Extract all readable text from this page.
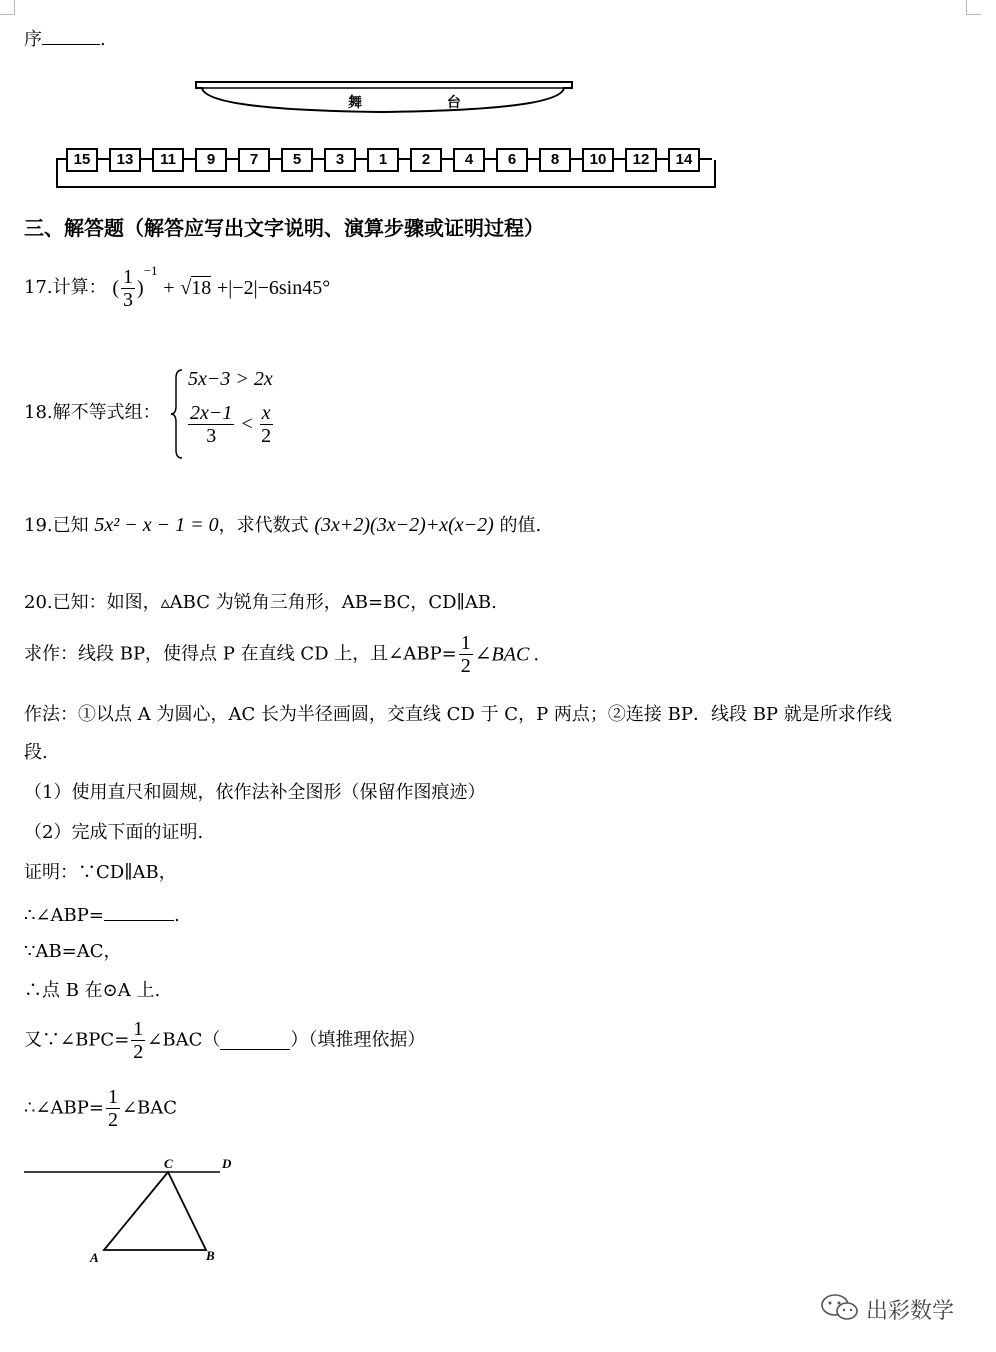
序	.
舞 台
15	13	11	9	7	5	3	1	2	4	6	8	10	12	14
三、解答题（解答应写出文字说明、演算步骤或证明过程）
17.计算： ( $\frac{1}{3} )^{-1} + √18 +|-2|-6\sin 45^\circ$
18.解不等式组：
5x−3 > 2x
$\frac{2x-1}{3} < \frac{x}{2}$
19.已知 5x² − x − 1 = 0，求代数式 (3x+2)(3x−2)+x(x−2) 的值.
20.已知：如图，▵ABC 为锐角三角形，AB=BC，CD∥AB.
求作：线段 BP，使得点 P 在直线 CD 上，且∠ABP= $\frac{1}{2}$ ∠BAC .
作法：①以点 A 为圆心，AC 长为半径画圆，交直线 CD 于 C，P 两点；②连接 BP．线段 BP 就是所求作线
段.
（1）使用直尺和圆规，依作法补全图形（保留作图痕迹）
（2）完成下面的证明.
证明：∵CD∥AB，
∴∠ABP=	.
∵AB=AC，
∴点 B 在⊙A 上.
又∵∠BPC= $\frac{1}{2}$ ∠BAC（	）（填推理依据）
∴∠ABP= $\frac{1}{2}$ ∠BAC
C	D
A	B
出彩数学
